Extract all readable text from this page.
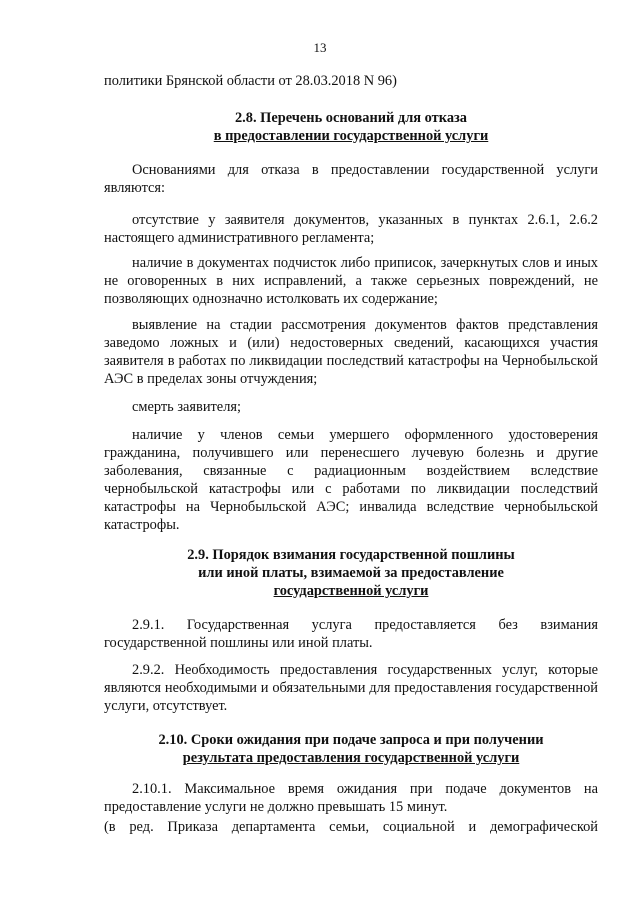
13

политики Брянской области от 28.03.2018 N 96)

2.8. Перечень оснований для отказа
в предоставлении государственной услуги

Основаниями для отказа в предоставлении государственной услуги являются:

отсутствие у заявителя документов, указанных в пунктах 2.6.1, 2.6.2 настоящего административного регламента;

наличие в документах подчисток либо приписок, зачеркнутых слов и иных не оговоренных в них исправлений, а также серьезных повреждений, не позволяющих однозначно истолковать их содержание;

выявление на стадии рассмотрения документов фактов представления заведомо ложных и (или) недостоверных сведений, касающихся участия заявителя в работах по ликвидации последствий катастрофы на Чернобыльской АЭС в пределах зоны отчуждения;

смерть заявителя;

наличие у членов семьи умершего оформленного удостоверения гражданина, получившего или перенесшего лучевую болезнь и другие заболевания, связанные с радиационным воздействием вследствие чернобыльской катастрофы или с работами по ликвидации последствий катастрофы на Чернобыльской АЭС; инвалида вследствие чернобыльской катастрофы.

2.9. Порядок взимания государственной пошлины
или иной платы, взимаемой за предоставление
государственной услуги

2.9.1. Государственная услуга предоставляется без взимания государственной пошлины или иной платы.

2.9.2. Необходимость предоставления государственных услуг, которые являются необходимыми и обязательными для предоставления государственной услуги, отсутствует.

2.10. Сроки ожидания при подаче запроса и при получении
результата предоставления государственной услуги

2.10.1. Максимальное время ожидания при подаче документов на предоставление услуги не должно превышать 15 минут.

(в ред. Приказа департамента семьи, социальной и демографической
